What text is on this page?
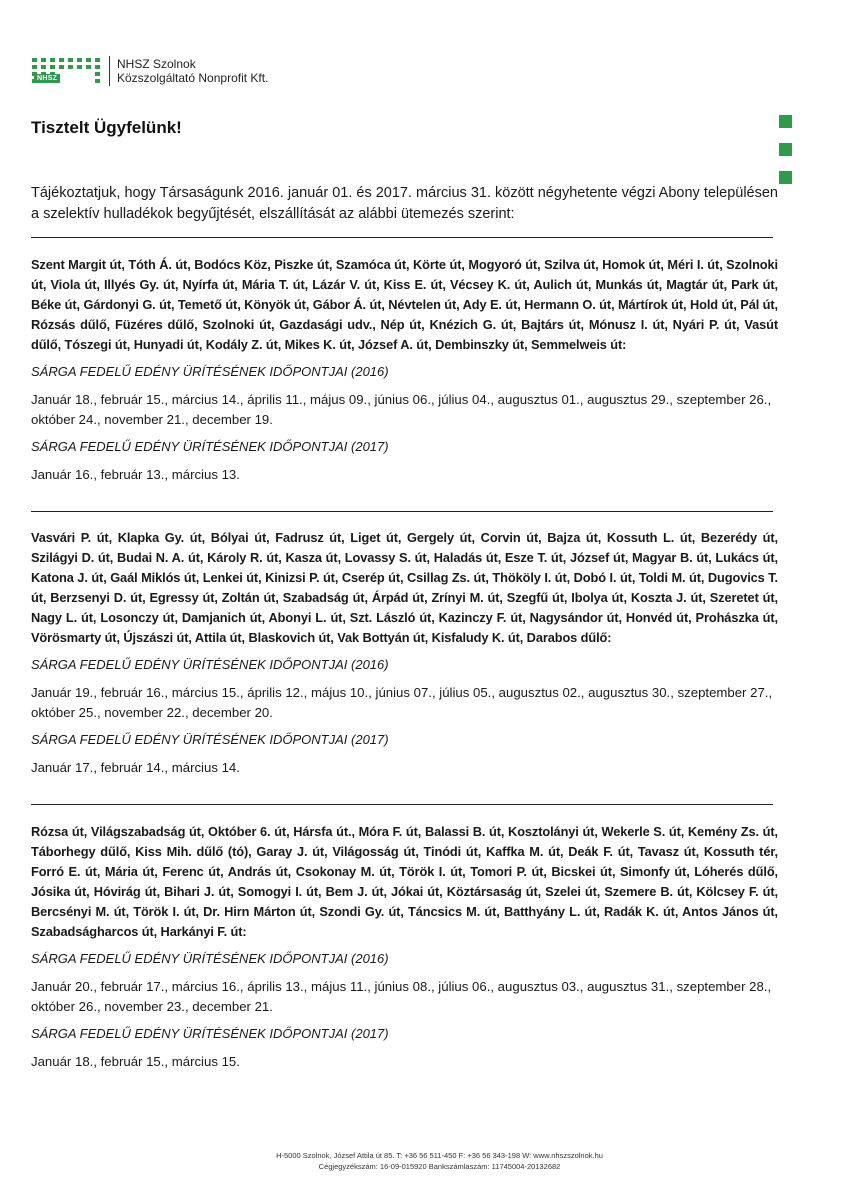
NHSZ Szolnok
Közszolgáltató Nonprofit Kft.
NHSZ
Tisztelt Ügyfelünk!

Tájékoztatjuk, hogy Társaságunk 2016. január 01. és 2017. március 31. között négyhetente végzi Abony településen a szelektív hulladékok begyűjtését, elszállítását az alábbi ütemezés szerint:

Szent Margit út, Tóth Á. út, Bodócs Köz, Piszke út, Szamóca út, Körte út, Mogyoró út, Szilva út, Homok út, Méri I. út, Szolnoki út, Viola út, Illyés Gy. út, Nyírfa út, Mária T. út, Lázár V. út, Kiss E. út, Vécsey K. út, Aulich út, Munkás út, Magtár út, Park út, Béke út, Gárdonyi G. út, Temető út, Könyök út, Gábor Á. út, Névtelen út, Ady E. út, Hermann O. út, Mártírok út, Hold út, Pál út, Rózsás dűlő, Füzéres dűlő, Szolnoki út, Gazdasági udv., Nép út, Knézich G. út, Bajtárs út, Mónusz I. út, Nyári P. út, Vasút dűlő, Tószegi út, Hunyadi út, Kodály Z. út, Mikes K. út, József A. út, Dembinszky út, Semmelweis út:

SÁRGA FEDELŰ EDÉNY ÜRÍTÉSÉNEK IDŐPONTJAI (2016)

Január 18., február 15., március 14., április 11., május 09., június 06., július 04., augusztus 01., augusztus 29., szeptember 26., október 24., november 21., december 19.

SÁRGA FEDELŰ EDÉNY ÜRÍTÉSÉNEK IDŐPONTJAI (2017)

Január 16., február 13., március 13.

Vasvári P. út, Klapka Gy. út, Bólyai út, Fadrusz út, Liget út, Gergely út, Corvin út, Bajza út, Kossuth L. út, Bezerédy út, Szilágyi D. út, Budai N. A. út, Károly R. út, Kasza út, Lovassy S. út, Haladás út, Esze T. út, József út, Magyar B. út, Lukács út, Katona J. út, Gaál Miklós út, Lenkei út, Kinizsi P. út, Cserép út, Csillag Zs. út, Thököly I. út, Dobó I. út, Toldi M. út, Dugovics T. út, Berzsenyi D. út, Egressy út, Zoltán út, Szabadság út, Árpád út, Zrínyi M. út, Szegfű út, Ibolya út, Koszta J. út, Szeretet út, Nagy L. út, Losonczy út, Damjanich út, Abonyi L. út, Szt. László út, Kazinczy F. út, Nagysándor út, Honvéd út, Prohászka út, Vörösmarty út, Újszászi út, Attila út, Blaskovich út, Vak Bottyán út, Kisfaludy K. út, Darabos dűlő:

SÁRGA FEDELŰ EDÉNY ÜRÍTÉSÉNEK IDŐPONTJAI (2016)

Január 19., február 16., március 15., április 12., május 10., június 07., július 05., augusztus 02., augusztus 30., szeptember 27., október 25., november 22., december 20.

SÁRGA FEDELŰ EDÉNY ÜRÍTÉSÉNEK IDŐPONTJAI (2017)

Január 17., február 14., március 14.

Rózsa út, Világszabadság út, Október 6. út, Hársfa út., Móra F. út, Balassi B. út, Kosztolányi út, Wekerle S. út, Kemény Zs. út, Táborhegy dűlő, Kiss Mih. dűlő (tó), Garay J. út, Világosság út, Tinódi út, Kaffka M. út, Deák F. út, Tavasz út, Kossuth tér, Forró E. út, Mária út, Ferenc út, András út, Csokonay M. út, Török I. út, Tomori P. út, Bicskei út, Simonfy út, Lóherés dűlő, Jósika út, Hóvirág út, Bihari J. út, Somogyi I. út, Bem J. út, Jókai út, Köztársaság út, Szelei út, Szemere B. út, Kölcsey F. út, Bercsényi M. út, Török I. út, Dr. Hirn Márton út, Szondi Gy. út, Táncsics M. út, Batthyány L. út, Radák K. út, Antos János út, Szabadságharcos út, Harkányi F. út:

SÁRGA FEDELŰ EDÉNY ÜRÍTÉSÉNEK IDŐPONTJAI (2016)

Január 20., február 17., március 16., április 13., május 11., június 08., július 06., augusztus 03., augusztus 31., szeptember 28., október 26., november 23., december 21.

SÁRGA FEDELŰ EDÉNY ÜRÍTÉSÉNEK IDŐPONTJAI (2017)

Január 18., február 15., március 15.

H-5000 Szolnok, József Attila út 85. T: +36 56 511-450 F: +36 56 343-198 W: www.nhszszolnok.hu
Cégjegyzékszám: 16-09-015920 Bankszámlaszám: 11745004-20132682
